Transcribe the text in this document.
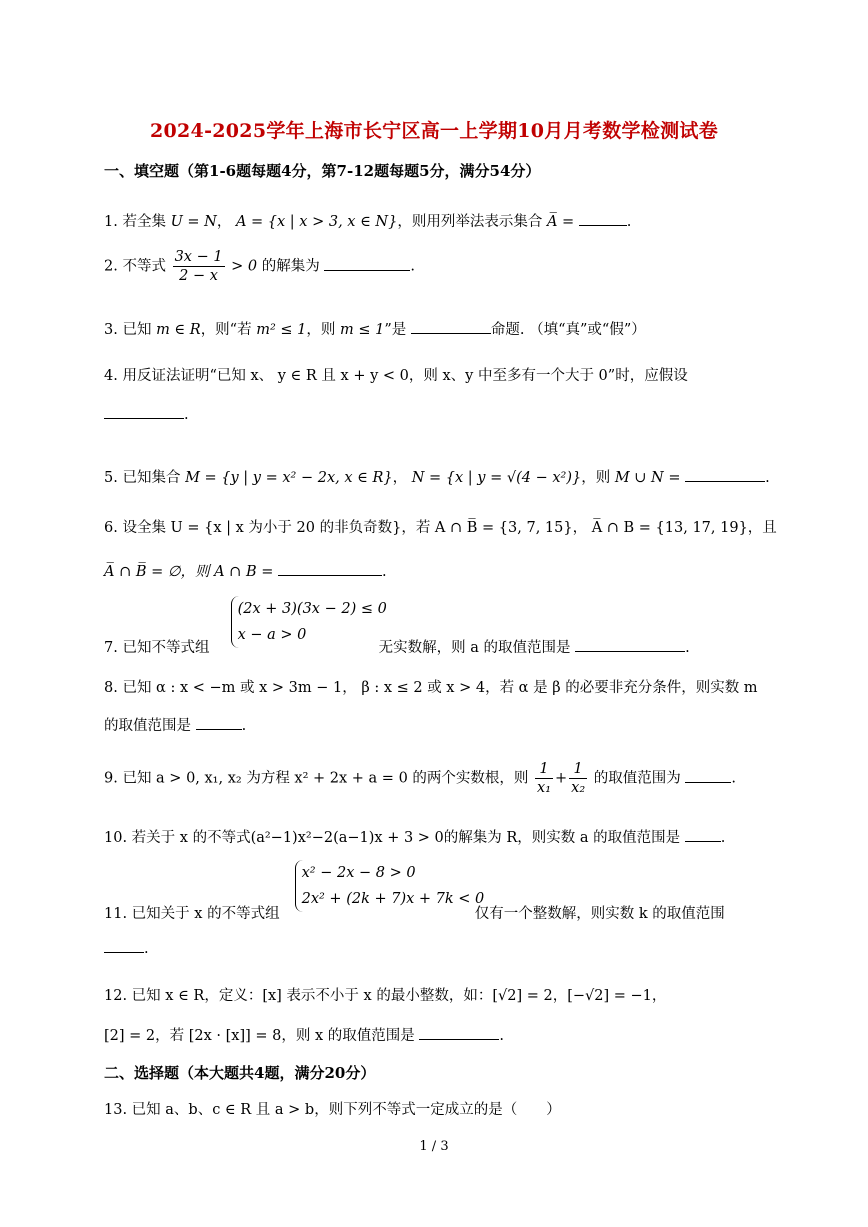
2024-2025学年上海市长宁区高一上学期10月月考数学检测试卷
一、填空题（第1-6题每题4分，第7-12题每题5分，满分54分）
1. 若全集 U = N， A = {x | x > 3, x ∈ N}，则用列举法表示集合 A̅ =	.
2. 不等式 $\frac{3x - 1}{2 - x} > 0$ 的解集为	.
3. 已知 m ∈ R，则“若 m² ≤ 1，则 m ≤ 1”是	命题. （填“真”或“假”）
4. 用反证法证明“已知 x、 y ∈ R 且 x + y < 0，则 x、y 中至多有一个大于 0”时，应假设
.
5. 已知集合 M = {y | y = x² − 2x, x ∈ R}， N = {x | y = √(4 − x²)}，则 M ∪ N =	.
6. 设全集 U = {x | x 为小于 20 的非负奇数}，若 A ∩ B̅ = {3, 7, 15}， A̅ ∩ B = {13, 17, 19}，且
A̅ ∩ B̅ = ∅，则 A ∩ B =	.

(2x + 3)(3x − 2) ≤ 0
x − a > 0
7. 已知不等式组	无实数解，则 a 的取值范围是	.
8. 已知 α : x < −m 或 x > 3m − 1， β : x ≤ 2 或 x > 4，若 α 是 β 的必要非充分条件，则实数 m
的取值范围是	.
9. 已知 a > 0, x₁, x₂ 为方程 x² + 2x + a = 0 的两个实数根，则 $\frac{1}{\text{x₁}} + \frac{1}{\text{x₂}}$ 的取值范围为	.
10. 若关于 x 的不等式(a²−1)x²−2(a−1)x + 3 > 0的解集为 R，则实数 a 的取值范围是	.

x² − 2x − 8 > 0
2x² + (2k + 7)x + 7k < 0
11. 已知关于 x 的不等式组	仅有一个整数解，则实数 k 的取值范围
.
12. 已知 x ∈ R，定义：[x] 表示不小于 x 的最小整数，如：[√2] = 2，[−√2] = −1，
[2] = 2，若 [2x · [x]] = 8，则 x 的取值范围是	.
二、选择题（本大题共4题，满分20分）
13. 已知 a、b、c ∈ R 且 a > b，则下列不等式一定成立的是（　　）
1 / 3
